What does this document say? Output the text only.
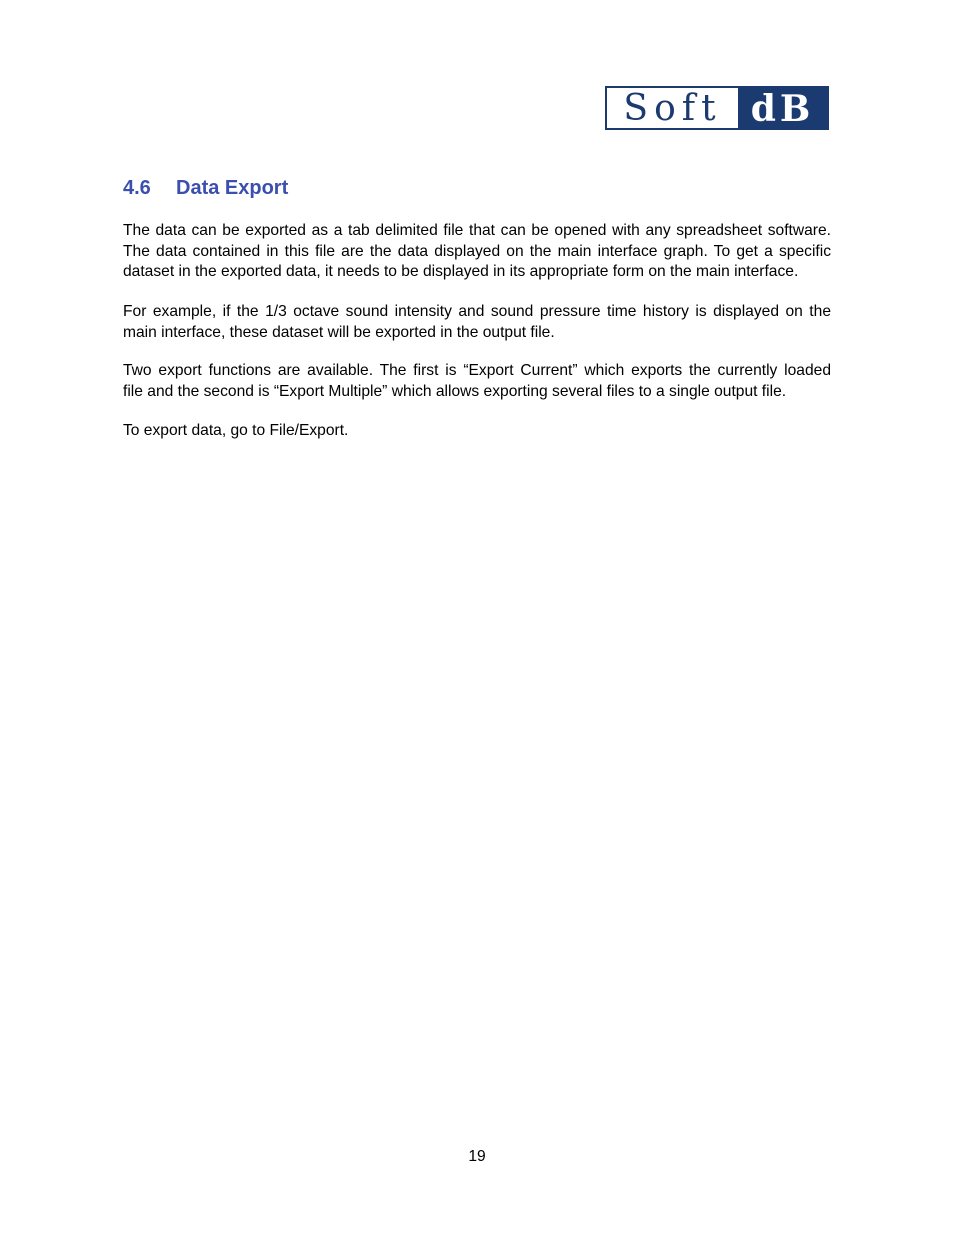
Soft dB
4.6 Data Export

The data can be exported as a tab delimited file that can be opened with any spreadsheet software.
The data contained in this file are the data displayed on the main interface graph. To get a specific
dataset in the exported data, it needs to be displayed in its appropriate form on the main interface.

For example, if the 1/3 octave sound intensity and sound pressure time history is displayed on the
main interface, these dataset will be exported in the output file.

Two export functions are available. The first is “Export Current” which exports the currently loaded
file and the second is “Export Multiple” which allows exporting several files to a single output file.

To export data, go to File/Export.

19
